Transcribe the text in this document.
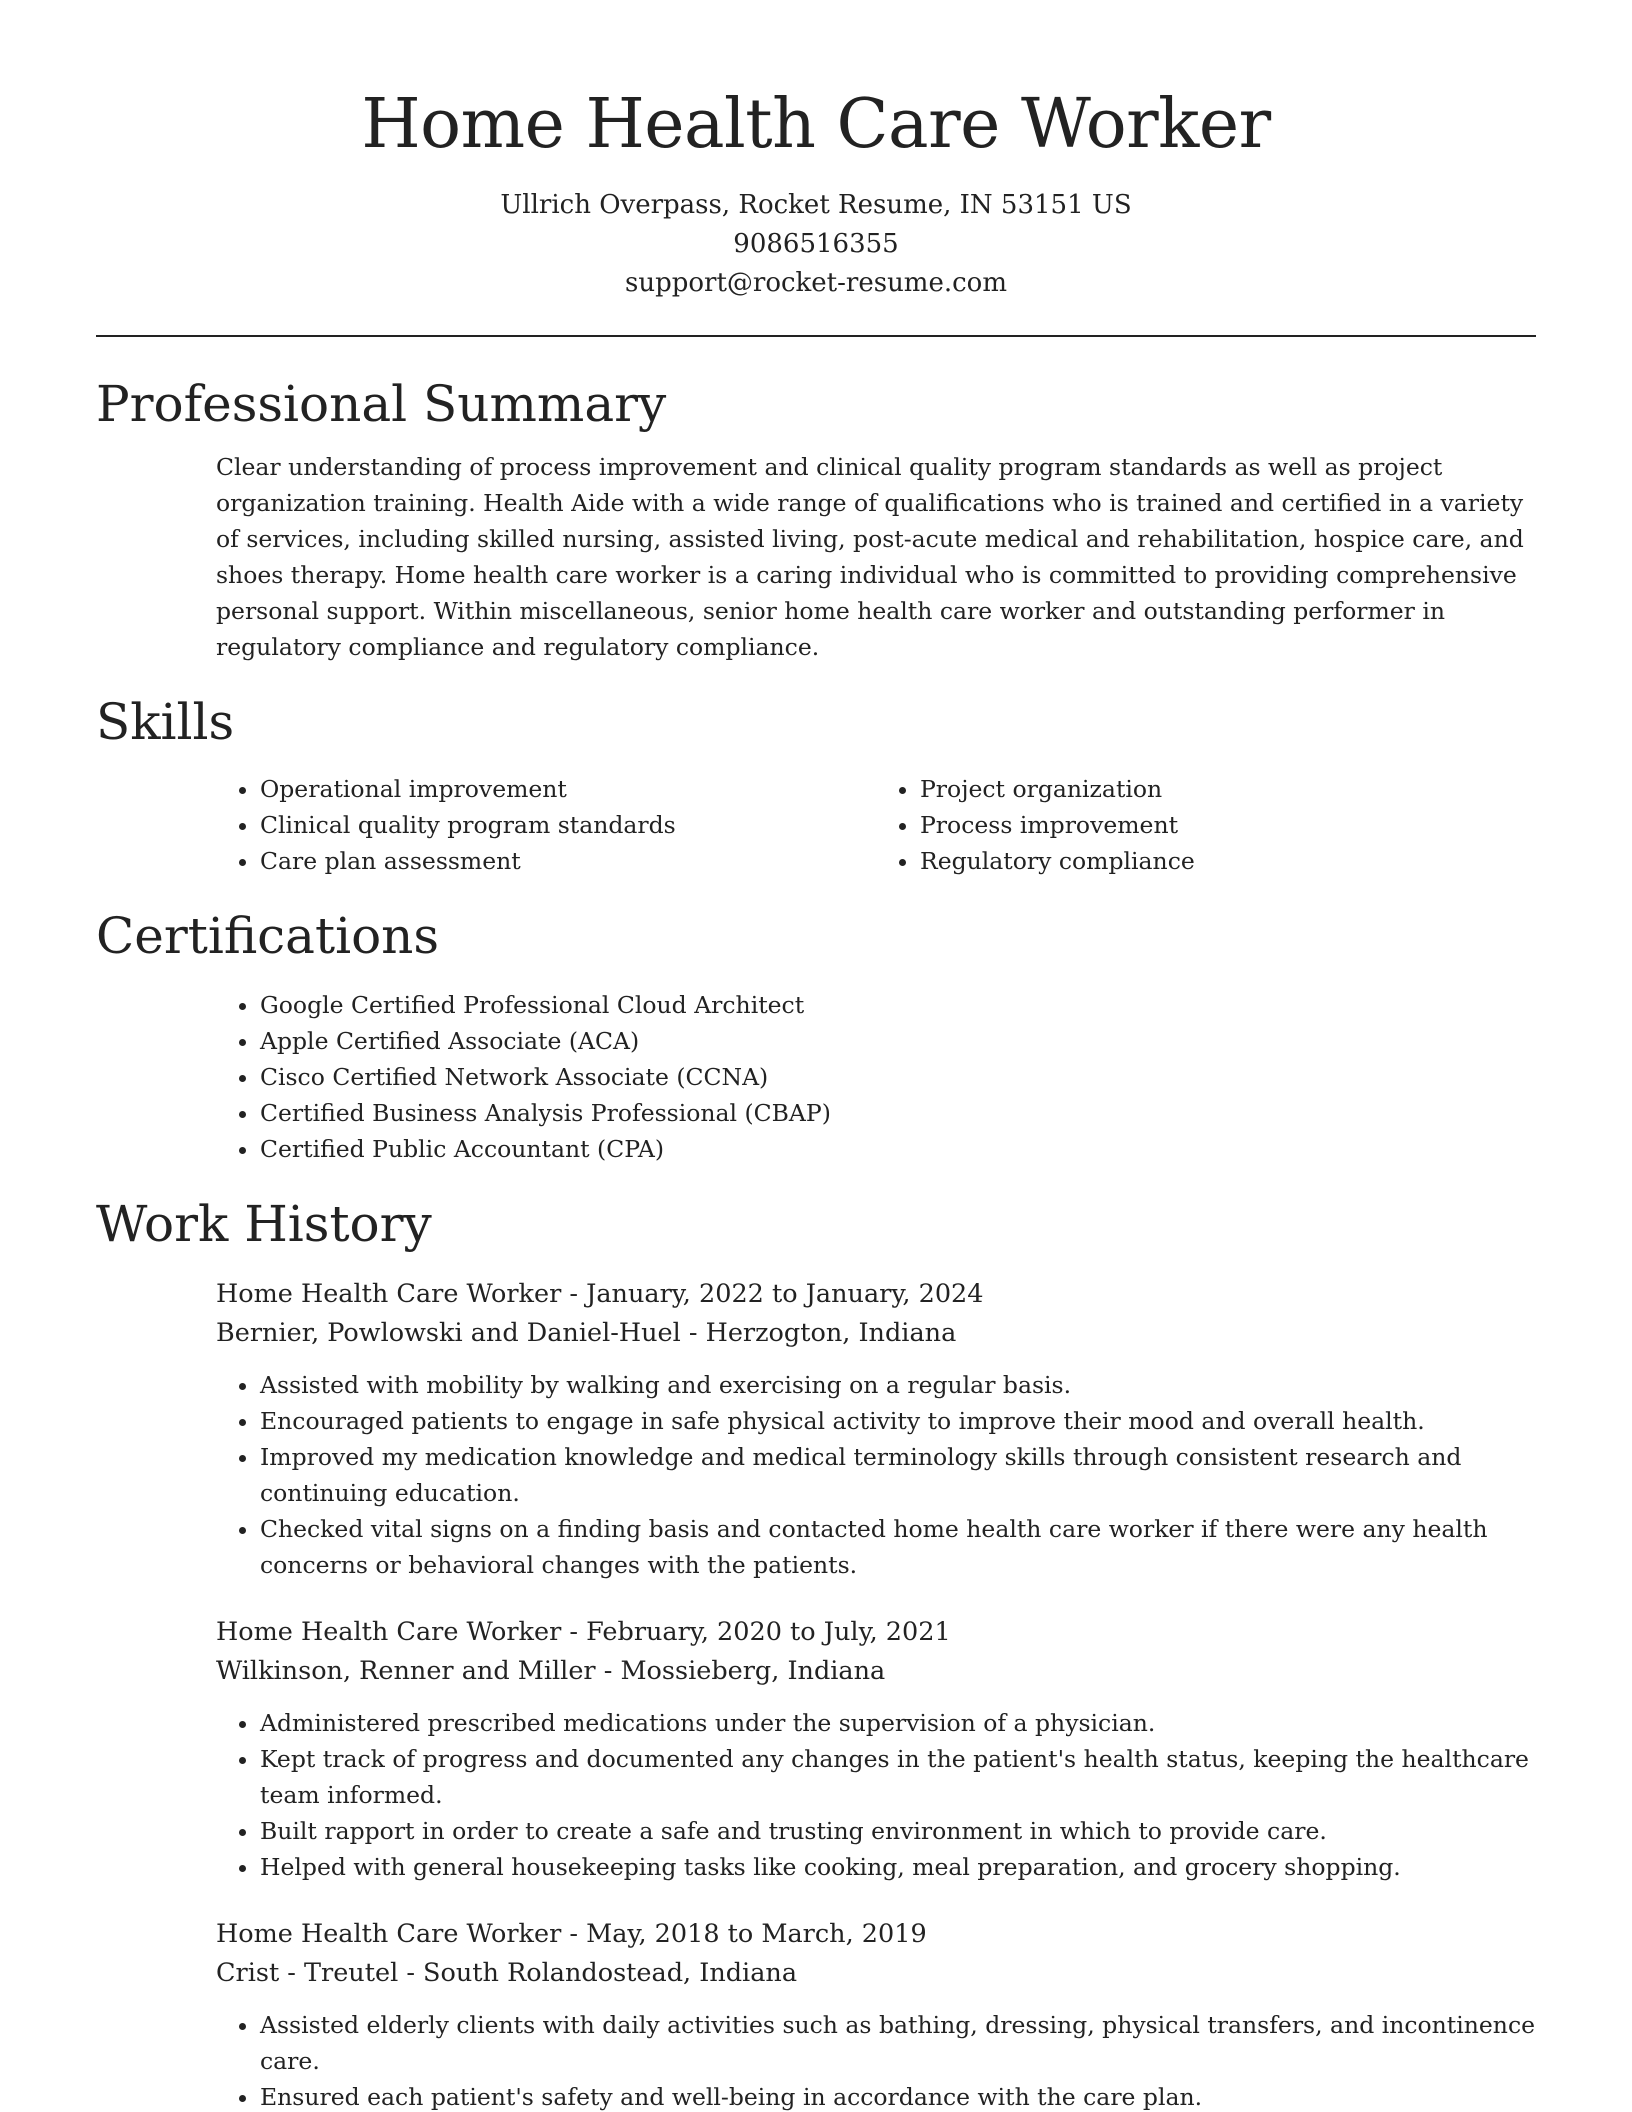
Home Health Care Worker
Ullrich Overpass, Rocket Resume, IN 53151 US
9086516355
support@rocket-resume.com
Professional Summary
Clear understanding of process improvement and clinical quality program standards as well as project organization training. Health Aide with a wide range of qualifications who is trained and certified in a variety of services, including skilled nursing, assisted living, post-acute medical and rehabilitation, hospice care, and shoes therapy. Home health care worker is a caring individual who is committed to providing comprehensive personal support. Within miscellaneous, senior home health care worker and outstanding performer in regulatory compliance and regulatory compliance.
Skills
• Operational improvement
• Clinical quality program standards
• Care plan assessment
• Project organization
• Process improvement
• Regulatory compliance
Certifications
• Google Certified Professional Cloud Architect
• Apple Certified Associate (ACA)
• Cisco Certified Network Associate (CCNA)
• Certified Business Analysis Professional (CBAP)
• Certified Public Accountant (CPA)
Work History
Home Health Care Worker - January, 2022 to January, 2024
Bernier, Powlowski and Daniel-Huel - Herzogton, Indiana
• Assisted with mobility by walking and exercising on a regular basis.
• Encouraged patients to engage in safe physical activity to improve their mood and overall health.
• Improved my medication knowledge and medical terminology skills through consistent research and continuing education.
• Checked vital signs on a finding basis and contacted home health care worker if there were any health concerns or behavioral changes with the patients.
Home Health Care Worker - February, 2020 to July, 2021
Wilkinson, Renner and Miller - Mossieberg, Indiana
• Administered prescribed medications under the supervision of a physician.
• Kept track of progress and documented any changes in the patient's health status, keeping the healthcare team informed.
• Built rapport in order to create a safe and trusting environment in which to provide care.
• Helped with general housekeeping tasks like cooking, meal preparation, and grocery shopping.
Home Health Care Worker - May, 2018 to March, 2019
Crist - Treutel - South Rolandostead, Indiana
• Assisted elderly clients with daily activities such as bathing, dressing, physical transfers, and incontinence care.
• Ensured each patient's safety and well-being in accordance with the care plan.
